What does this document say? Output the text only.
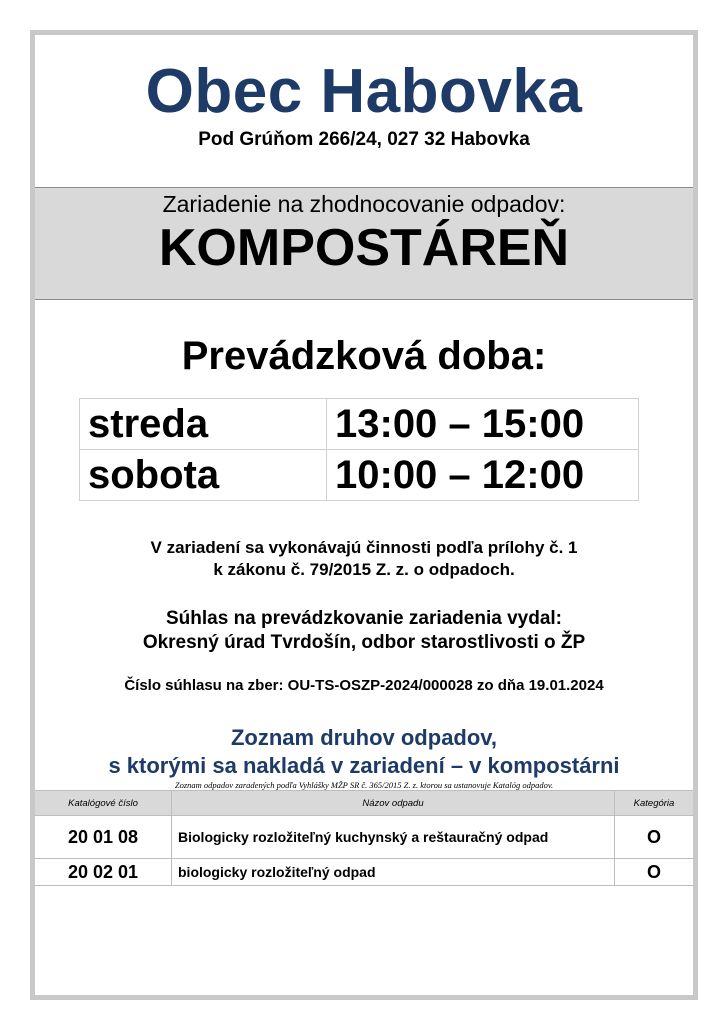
Obec Habovka
Pod Grúňom 266/24, 027 32 Habovka
Zariadenie na zhodnocovanie odpadov:
KOMPOSTÁREŇ
Prevádzková doba:
streda	13:00 – 15:00
sobota	10:00 – 12:00
V zariadení sa vykonávajú činnosti podľa prílohy č. 1
k zákonu č. 79/2015 Z. z. o odpadoch.
Súhlas na prevádzkovanie zariadenia vydal:
Okresný úrad Tvrdošín, odbor starostlivosti o ŽP
Číslo súhlasu na zber: OU-TS-OSZP-2024/000028 zo dňa 19.01.2024
Zoznam druhov odpadov,
s ktorými sa nakladá v zariadení – v kompostárni
Zoznam odpadov zaradených podľa Vyhlášky MŽP SR č. 365/2015 Z. z. ktorou sa ustanovuje Katalóg odpadov.
Katalógové číslo	Názov odpadu	Kategória
20 01 08	Biologicky rozložiteľný kuchynský a reštauračný odpad	O
20 02 01	biologicky rozložiteľný odpad	O
